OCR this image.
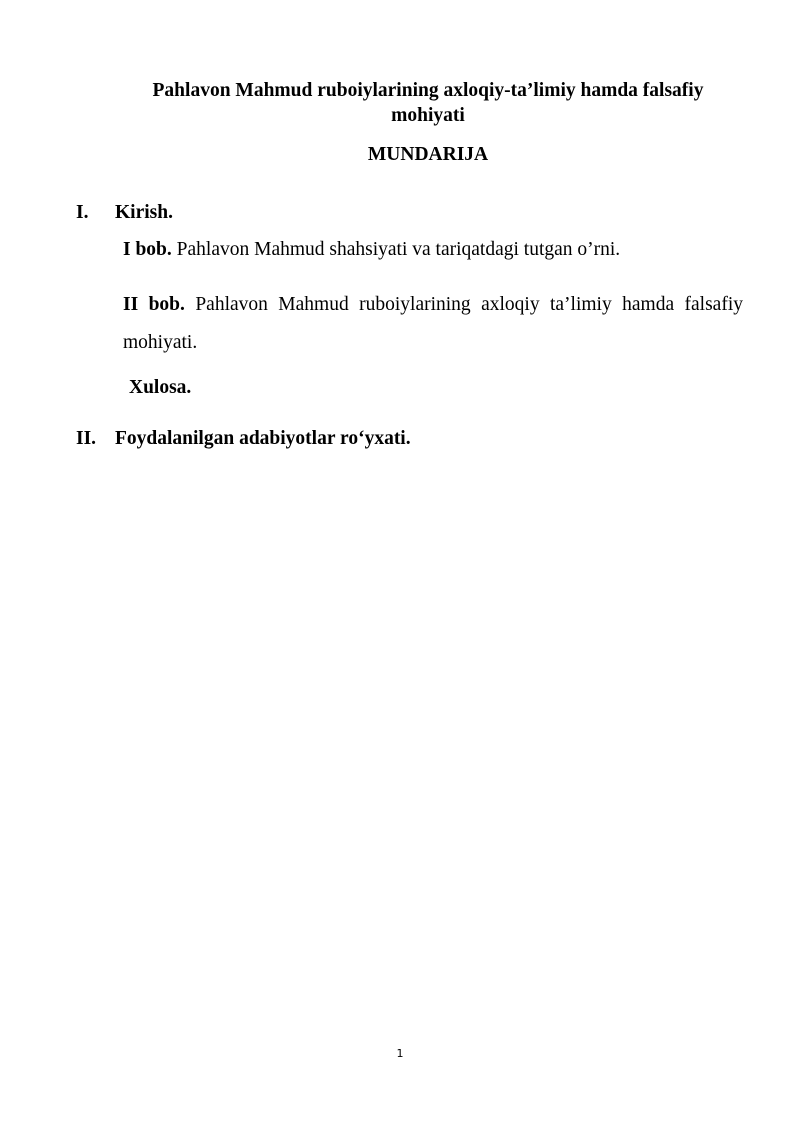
Pahlavon Mahmud ruboiylarining axloqiy-ta’limiy hamda falsafiy mohiyati
MUNDARIJA
I. Kirish.

I bob. Pahlavon Mahmud shahsiyati va tariqatdagi tutgan o’rni.

II bob. Pahlavon Mahmud ruboiylarining axloqiy ta’limiy hamda falsafiy mohiyati.

Xulosa.

II. Foydalanilgan adabiyotlar ro‘yxati.

1
